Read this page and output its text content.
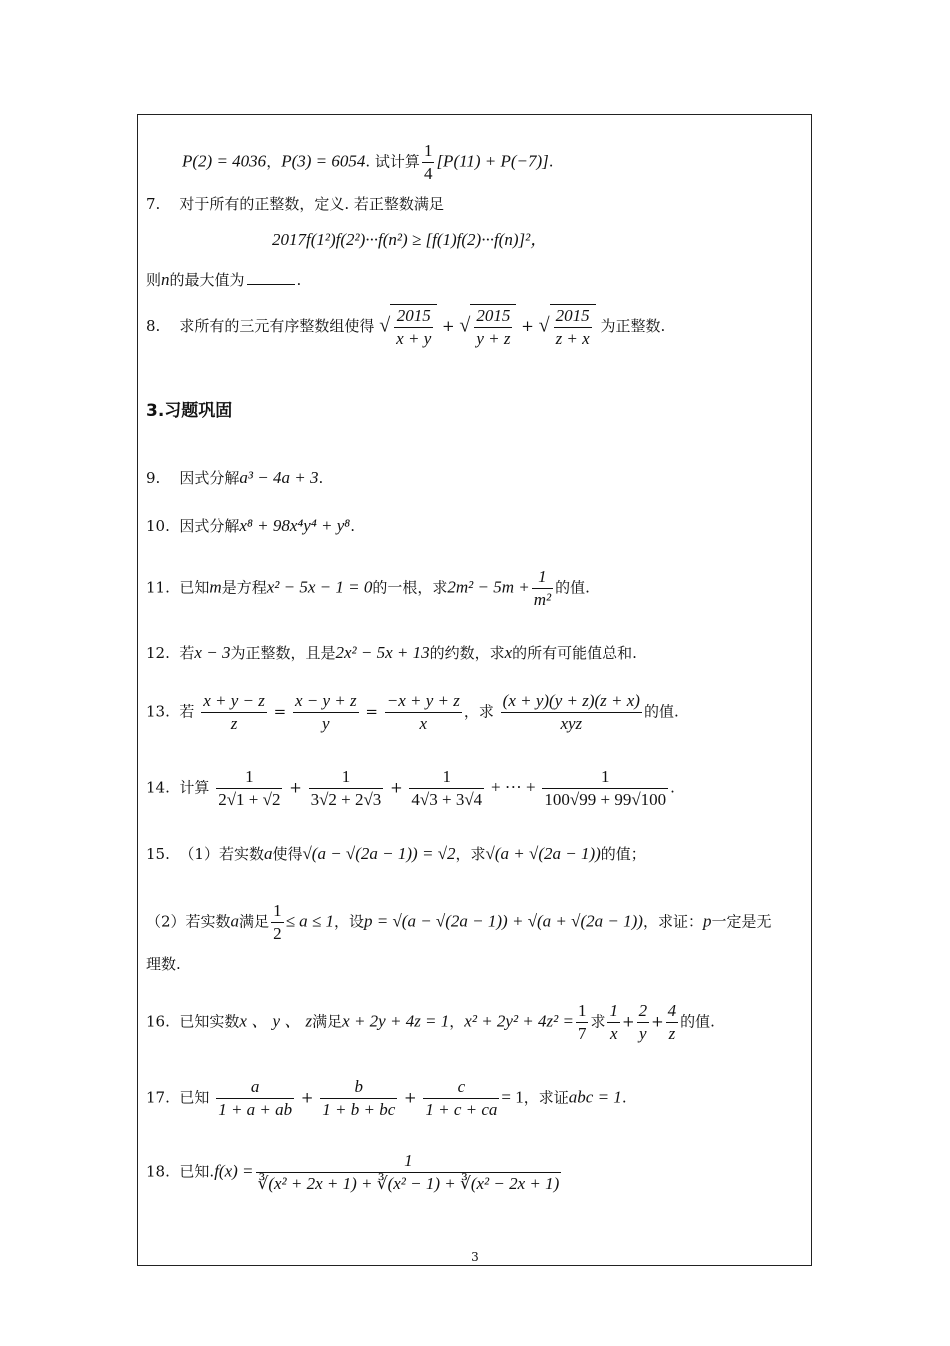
P(2) = 4036，P(3) = 6054. 试计算 $\frac{1}{4} [P(11) + P(-7)]$.
7. 对于所有的正整数，定义. 若正整数满足
2017f(1²)f(2²)···f(n²) ≥ [f(1)f(2)···f(n)]²，
则n的最大值为	.
8. 求所有的三元有序整数组使得 √ $\frac{2015}{x + y}$ + √ $\frac{2015}{y + z}$ + √ $\frac{2015}{z + x}$ 为正整数.
3.习题巩固
9. 因式分解a³ − 4a + 3.
10. 因式分解x⁸ + 98x⁴y⁴ + y⁸.
11. 已知m是方程x² − 5x − 1 = 0的一根，求$2m^2 - 5m + \frac{1}{\text{m²}}$ 的值.
12. 若x − 3为正整数，且是2x² − 5x + 13的约数，求x的所有可能值总和.
13. 若 $\frac{x + y - z}{z} = \frac{x - y + z}{y} = \frac{-x + y + z}{x}$ ，求 $\frac{(x + y)(y + z)(z + x)}{\text{xyz}}$ 的值.
14. 计算 $\frac{1}{2√1 + √2} + \frac{1}{3√2 + 2√3} + \frac{1}{4√3 + 3√4}$ + ··· + $\frac{1}{100√99 + 99√100}$ .
15. （1）若实数a使得√(a − √(2a − 1)) = √2，求√(a + √(2a − 1))的值；
（2）若实数a满足 $\frac{1}{2} \le a \le 1$，设p = √(a − √(2a − 1)) + √(a + √(2a − 1))，求证：p一定是无
理数.
16. 已知实数x 、 y 、 z满足x + 2y + 4z = 1，$x^2 + 2y^2 + 4z^2 = \frac{1}{7}$ 求 $\frac{1}{x} + \frac{2}{y} + \frac{4}{z}$ 的值.
17. 已知 $\frac{a}{1 + a + ab} + \frac{b}{1 + b + bc} + \frac{c}{1 + c + ca} = 1$，求证abc = 1.
18. 已知$.f(x) = \frac{1}{\text{∛(x² + 2x + 1) + ∛(x² − 1) + ∛(x² − 2x + 1)}}$
3
